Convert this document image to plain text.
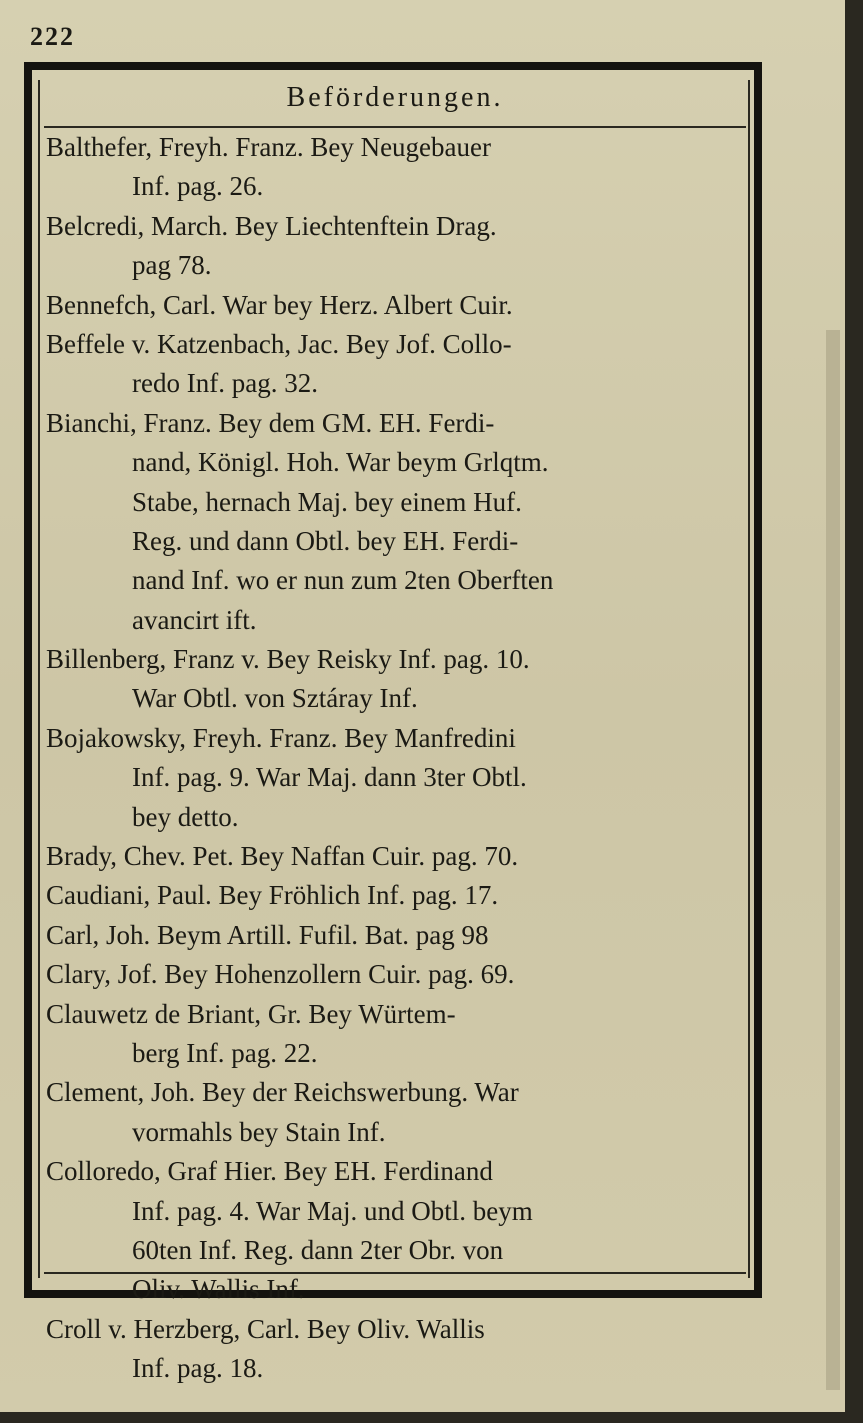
222
Beförderungen.
Balthefer, Freyh. Franz. Bey Neugebauer
Inf. pag. 26.
Belcredi, March. Bey Liechtenftein Drag.
pag 78.
Bennefch, Carl. War bey Herz. Albert Cuir.
Beffele v. Katzenbach, Jac. Bey Jof. Collo-
redo Inf. pag. 32.
Bianchi, Franz. Bey dem GM. EH. Ferdi-
nand, Königl. Hoh. War beym Grlqtm.
Stabe, hernach Maj. bey einem Huf.
Reg. und dann Obtl. bey EH. Ferdi-
nand Inf. wo er nun zum 2ten Oberften
avancirt ift.
Billenberg, Franz v. Bey Reisky Inf. pag. 10.
War Obtl. von Sztáray Inf.
Bojakowsky, Freyh. Franz. Bey Manfredini
Inf. pag. 9. War Maj. dann 3ter Obtl.
bey detto.
Brady, Chev. Pet. Bey Naffan Cuir. pag. 70.
Caudiani, Paul. Bey Fröhlich Inf. pag. 17.
Carl, Joh. Beym Artill. Fufil. Bat. pag 98
Clary, Jof. Bey Hohenzollern Cuir. pag. 69.
Clauwetz de Briant, Gr. Bey Würtem-
berg Inf. pag. 22.
Clement, Joh. Bey der Reichswerbung. War
vormahls bey Stain Inf.
Colloredo, Graf Hier. Bey EH. Ferdinand
Inf. pag. 4. War Maj. und Obtl. beym
60ten Inf. Reg. dann 2ter Obr. von
Oliv. Wallis Inf.
Croll v. Herzberg, Carl. Bey Oliv. Wallis
Inf. pag. 18.
